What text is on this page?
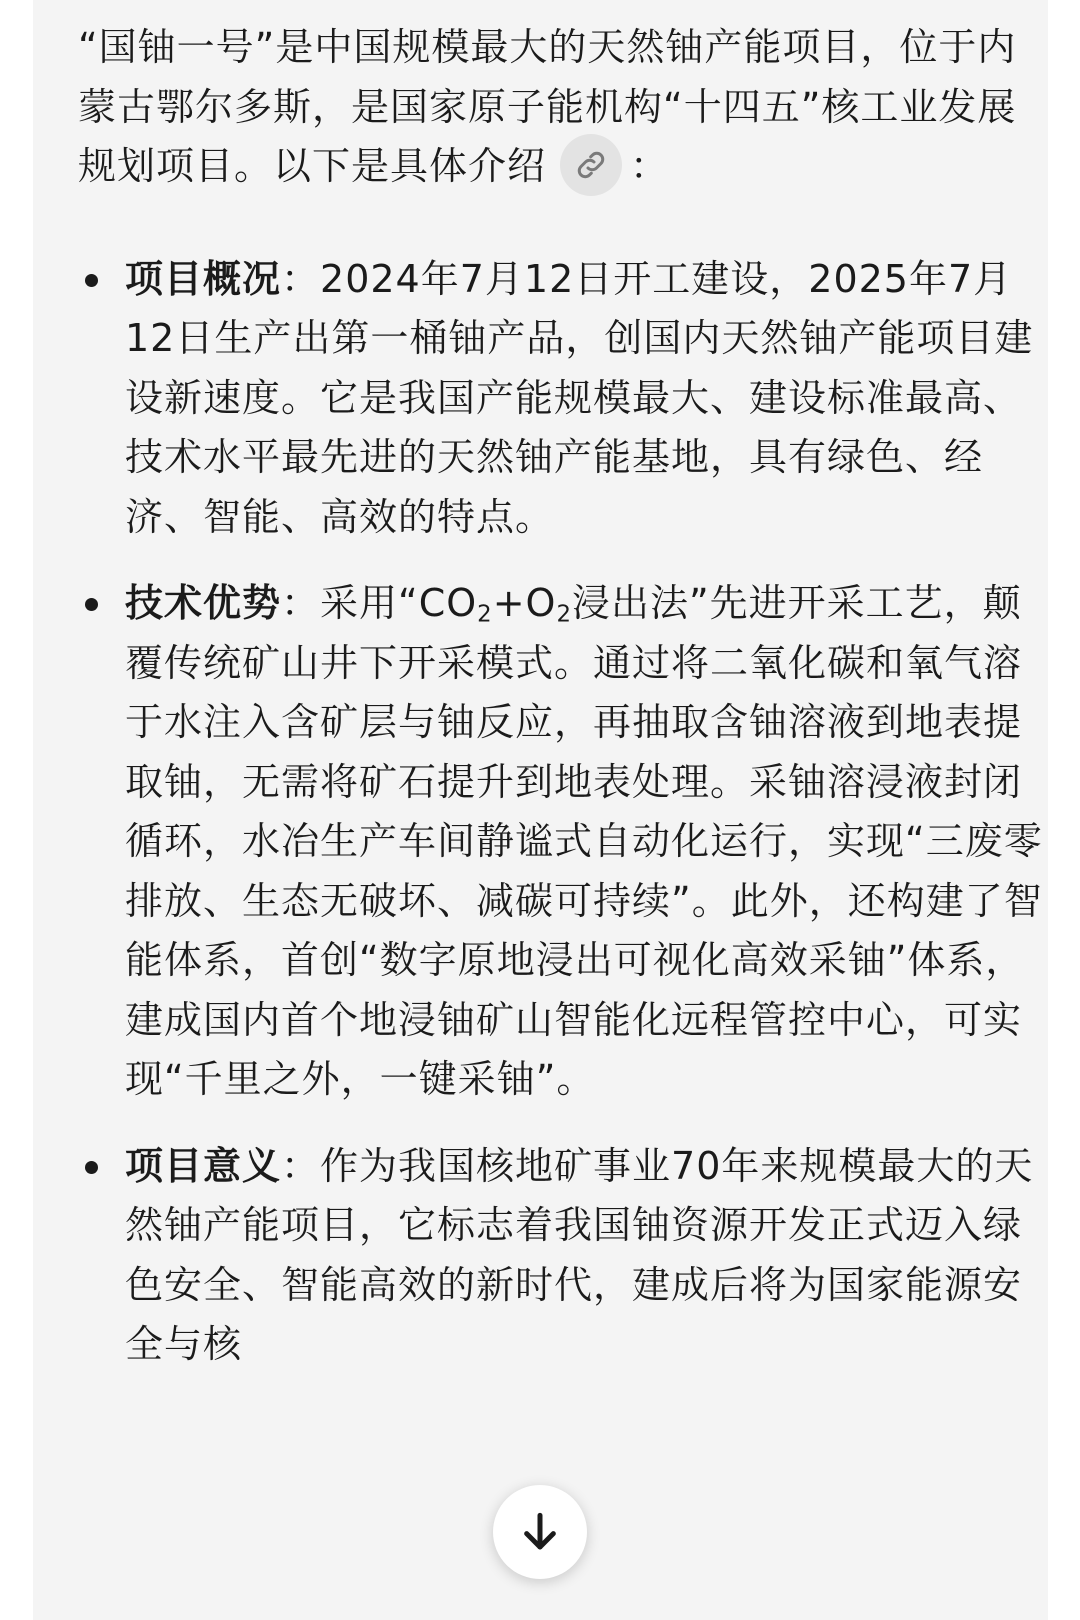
“国铀一号”是中国规模最大的天然铀产能项目，位于内蒙古鄂尔多斯，是国家原子能机构“十四五”核工业发展规划项目。以下是具体介绍 ：

项目概况：2024年7月12日开工建设，2025年7月12日生产出第一桶铀产品，创国内天然铀产能项目建设新速度。它是我国产能规模最大、建设标准最高、技术水平最先进的天然铀产能基地，具有绿色、经济、智能、高效的特点。
技术优势：采用“$CO_2+O_2$浸出法”先进开采工艺，颠覆传统矿山井下开采模式。通过将二氧化碳和氧气溶于水注入含矿层与铀反应，再抽取含铀溶液到地表提取铀，无需将矿石提升到地表处理。采铀溶浸液封闭循环，水冶生产车间静谧式自动化运行，实现“三废零排放、生态无破坏、减碳可持续”。此外，还构建了智能体系，首创“数字原地浸出可视化高效采铀”体系，建成国内首个地浸铀矿山智能化远程管控中心，可实现“千里之外，一键采铀”。
项目意义：作为我国核地矿事业70年来规模最大的天然铀产能项目，它标志着我国铀资源开发正式迈入绿色安全、智能高效的新时代，建成后将为国家能源安全与核
